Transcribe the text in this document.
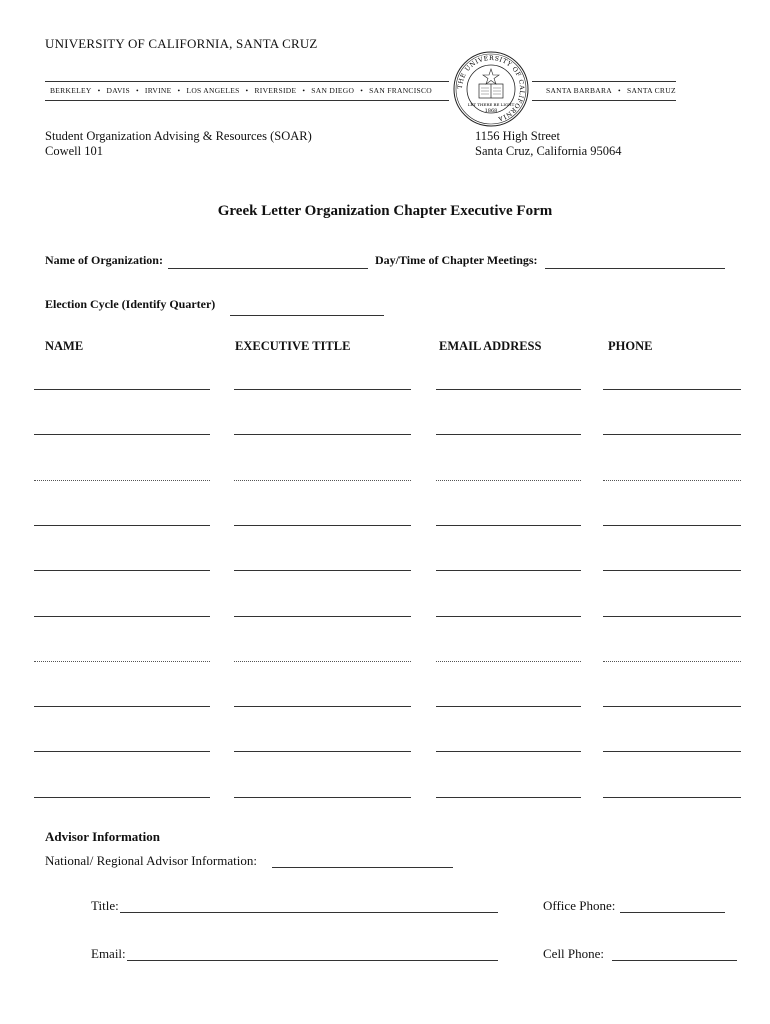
UNIVERSITY OF CALIFORNIA, SANTA CRUZ
BERKELEY • DAVIS • IRVINE • LOS ANGELES • RIVERSIDE • SAN DIEGO • SAN FRANCISCO	SANTA BARBARA • SANTA CRUZ
THE UNIVERSITY OF CALIFORNIA
LET THERE BE LIGHT
1868
Student Organization Advising & Resources (SOAR)
Cowell 101
1156 High Street
Santa Cruz, California 95064
Greek Letter Organization Chapter Executive Form
Name of Organization:	Day/Time of Chapter Meetings:
Election Cycle (Identify Quarter)
NAME	EXECUTIVE TITLE	EMAIL ADDRESS	PHONE
Advisor Information
National/ Regional Advisor Information:
Title:	Office Phone:
Email:	Cell Phone:
